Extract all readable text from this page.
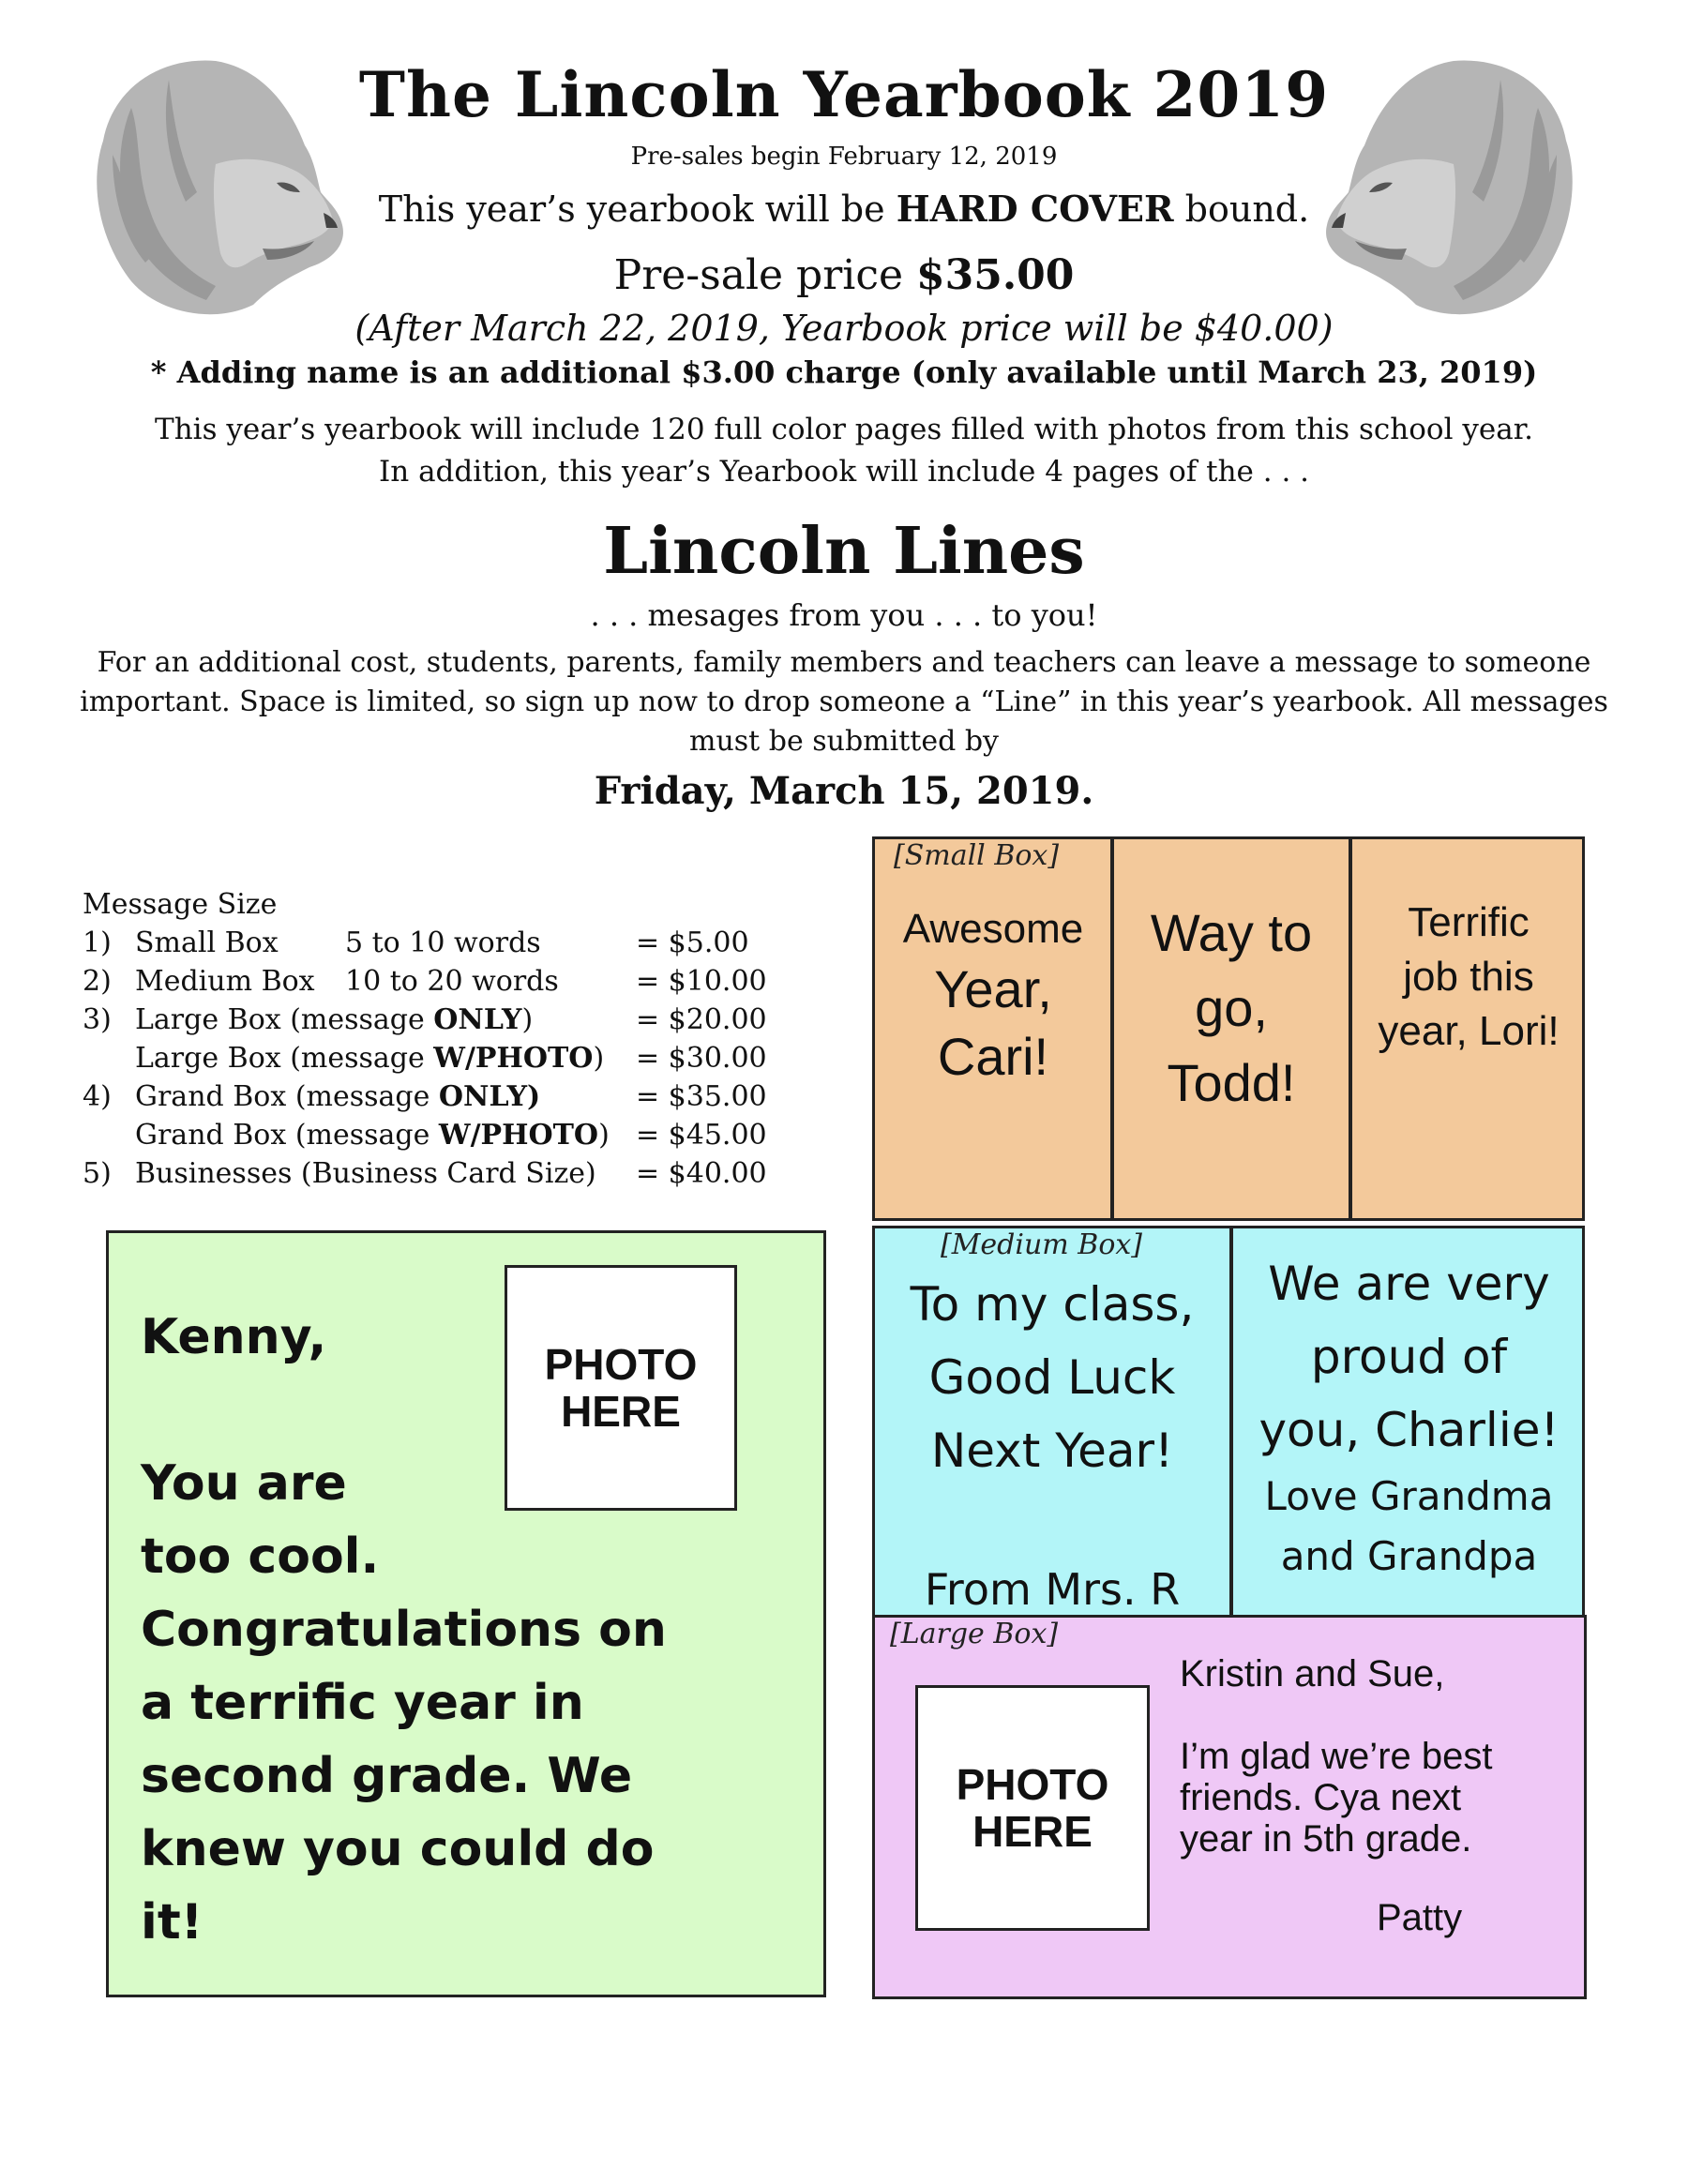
The Lincoln Yearbook 2019
Pre-sales begin February 12, 2019
This year’s yearbook will be HARD COVER bound.
Pre-sale price $35.00
(After March 22, 2019, Yearbook price will be $40.00)
* Adding name is an additional $3.00 charge (only available until March 23, 2019)
This year’s yearbook will include 120 full color pages filled with photos from this school year.
In addition, this year’s Yearbook will include 4 pages of the . . .
Lincoln Lines
. . . mesages from you . . . to you!
For an additional cost, students, parents, family members and teachers can leave a message to someone important. Space is limited, so sign up now to drop someone a “Line” in this year’s yearbook. All messages must be submitted by
Friday, March 15, 2019.
Message Size
1) Small Box 5 to 10 words	= $5.00
2) Medium Box 10 to 20 words	= $10.00
3) Large Box (message ONLY)	= $20.00
Large Box (message W/PHOTO) = $30.00
4) Grand Box (message ONLY)	= $35.00
Grand Box (message W/PHOTO) = $45.00
5) Businesses (Business Card Size) = $40.00
[Small Box]
Awesome
Year,
Cari!
Way to
go,
Todd!
Terrific
job this
year, Lori!
[Medium Box]
To my class,
Good Luck
Next Year!
From Mrs. R
We are very
proud of
you, Charlie!
Love Grandma
and Grandpa
[Large Box]
PHOTO
HERE
Kristin and Sue,
I’m glad we’re best
friends. Cya next
year in 5th grade.
Patty
PHOTO
HERE
Kenny,
You are
too cool.
Congratulations on
a terrific year in
second grade. We
knew you could do
it!
